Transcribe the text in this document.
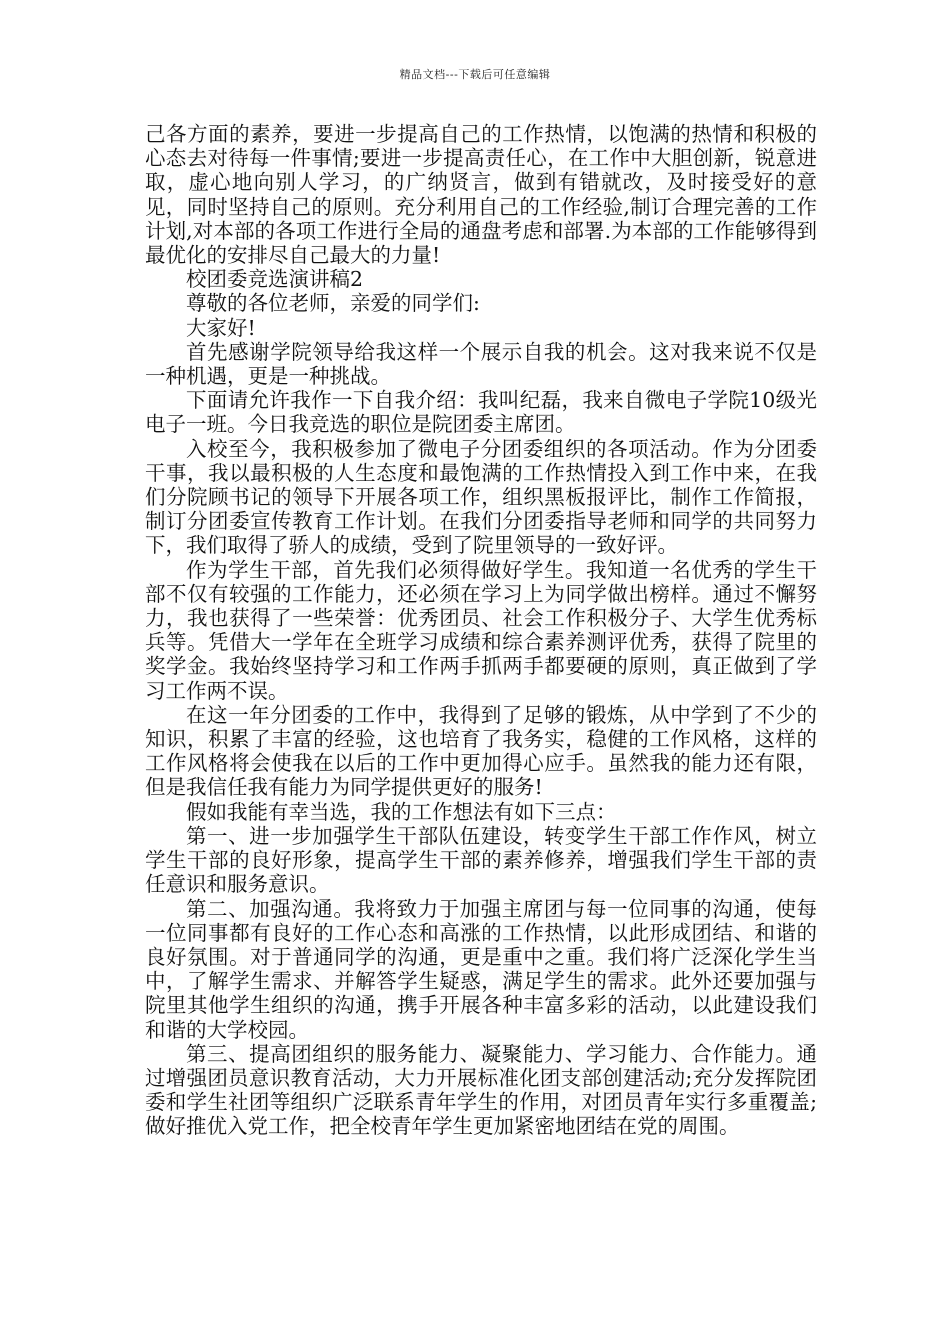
精品文档---下载后可任意编辑

己各方面的素养，要进一步提高自己的工作热情，以饱满的热情和积极的心态去对待每一件事情;要进一步提高责任心，在工作中大胆创新，锐意进取，虚心地向别人学习，的广纳贤言，做到有错就改，及时接受好的意见，同时坚持自己的原则。充分利用自己的工作经验,制订合理完善的工作计划,对本部的各项工作进行全局的通盘考虑和部署.为本部的工作能够得到最优化的安排尽自己最大的力量!

校团委竞选演讲稿2

尊敬的各位老师，亲爱的同学们:

大家好!

首先感谢学院领导给我这样一个展示自我的机会。这对我来说不仅是一种机遇，更是一种挑战。

下面请允许我作一下自我介绍：我叫纪磊，我来自微电子学院10级光电子一班。今日我竞选的职位是院团委主席团。

入校至今，我积极参加了微电子分团委组织的各项活动。作为分团委干事，我以最积极的人生态度和最饱满的工作热情投入到工作中来，在我们分院顾书记的领导下开展各项工作，组织黑板报评比，制作工作简报，制订分团委宣传教育工作计划。在我们分团委指导老师和同学的共同努力下，我们取得了骄人的成绩，受到了院里领导的一致好评。

作为学生干部，首先我们必须得做好学生。我知道一名优秀的学生干部不仅有较强的工作能力，还必须在学习上为同学做出榜样。通过不懈努力，我也获得了一些荣誉：优秀团员、社会工作积极分子、大学生优秀标兵等。凭借大一学年在全班学习成绩和综合素养测评优秀，获得了院里的奖学金。我始终坚持学习和工作两手抓两手都要硬的原则，真正做到了学习工作两不误。

在这一年分团委的工作中，我得到了足够的锻炼，从中学到了不少的知识，积累了丰富的经验，这也培育了我务实，稳健的工作风格，这样的工作风格将会使我在以后的工作中更加得心应手。虽然我的能力还有限，但是我信任我有能力为同学提供更好的服务!

假如我能有幸当选，我的工作想法有如下三点：

第一、进一步加强学生干部队伍建设，转变学生干部工作作风，树立学生干部的良好形象，提高学生干部的素养修养，增强我们学生干部的责任意识和服务意识。

第二、加强沟通。我将致力于加强主席团与每一位同事的沟通，使每一位同事都有良好的工作心态和高涨的工作热情，以此形成团结、和谐的良好氛围。对于普通同学的沟通，更是重中之重。我们将广泛深化学生当中，了解学生需求、并解答学生疑惑，满足学生的需求。此外还要加强与院里其他学生组织的沟通，携手开展各种丰富多彩的活动，以此建设我们和谐的大学校园。

第三、提高团组织的服务能力、凝聚能力、学习能力、合作能力。通过增强团员意识教育活动，大力开展标准化团支部创建活动;充分发挥院团委和学生社团等组织广泛联系青年学生的作用，对团员青年实行多重覆盖;做好推优入党工作，把全校青年学生更加紧密地团结在党的周围。
